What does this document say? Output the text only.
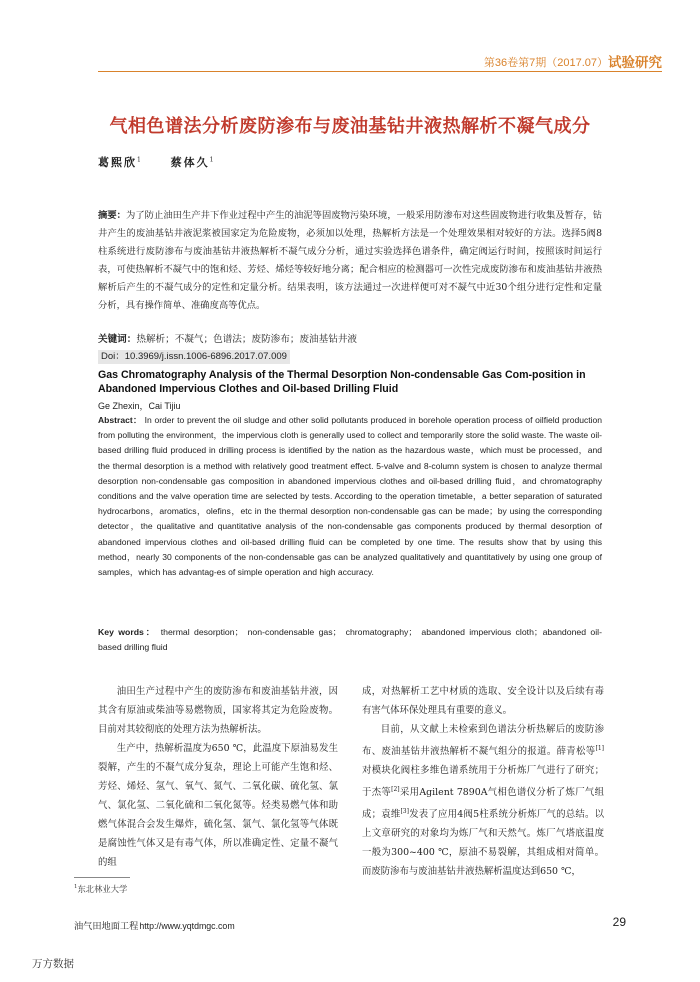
第36卷第7期（2017.07） 试验研究
气相色谱法分析废防渗布与废油基钻井液热解析不凝气成分
葛熙欣$^1$	蔡体久$^1$
摘要：为了防止油田生产井下作业过程中产生的油泥等固废物污染环境，一般采用防渗布对这些固废物进行收集及暂存，钻井产生的废油基钻井液泥浆被国家定为危险废物，必须加以处理，热解析方法是一个处理效果相对较好的方法。选择5阀8柱系统进行废防渗布与废油基钻井液热解析不凝气成分分析，通过实验选择色谱条件，确定阀运行时间，按照该时间运行表，可使热解析不凝气中的饱和烃、芳烃、烯烃等较好地分离；配合相应的检测器可一次性完成废防渗布和废油基钻井液热解析后产生的不凝气成分的定性和定量分析。结果表明，该方法通过一次进样便可对不凝气中近30个组分进行定性和定量分析，具有操作简单、准确度高等优点。
关键词：热解析；不凝气；色谱法；废防渗布；废油基钻井液
Doi：10.3969/j.issn.1006-6896.2017.07.009
Gas Chromatography Analysis of the Thermal Desorption Non-condensable Gas Com-position in Abandoned Impervious Clothes and Oil-based Drilling Fluid
Ge Zhexin，Cai Tijiu
Abstract： In order to prevent the oil sludge and other solid pollutants produced in borehole operation process of oilfield production from polluting the environment，the impervious cloth is generally used to collect and temporarily store the solid waste. The waste oil-based drilling fluid produced in drilling process is identified by the nation as the hazardous waste，which must be processed，and the thermal desorption is a method with relatively good treatment effect. 5-valve and 8-column system is chosen to analyze thermal desorption non-condensable gas composition in abandoned impervious clothes and oil-based drilling fluid，and chromatography conditions and the valve operation time are selected by tests. According to the operation timetable，a better separation of saturated hydrocarbons，aromatics，olefins，etc in the thermal desorption non-condensable gas can be made；by using the corresponding detector，the qualitative and quantitative analysis of the non-condensable gas components produced by thermal desorption of abandoned impervious clothes and oil-based drilling fluid can be completed by one time. The results show that by using this method，nearly 30 components of the non-condensable gas can be analyzed qualitatively and quantitatively by using one group of samples，which has advantag-es of simple operation and high accuracy.
Key words： thermal desorption； non-condensable gas； chromatography； abandoned impervious cloth；abandoned oil-based drilling fluid

油田生产过程中产生的废防渗布和废油基钻井液，因其含有原油或柴油等易燃物质，国家将其定为危险废物。目前对其较彻底的处理方法为热解析法。

生产中，热解析温度为650 ℃，此温度下原油易发生裂解，产生的不凝气成分复杂，理论上可能产生饱和烃、芳烃、烯烃、氢气、氧气、氮气、二氧化碳、硫化氢、氯气、氯化氢、二氧化硫和二氧化氮等。烃类易燃气体和助燃气体混合会发生爆炸，硫化氢、氯气、氯化氢等气体既是腐蚀性气体又是有毒气体，所以准确定性、定量不凝气的组

成，对热解析工艺中材质的选取、安全设计以及后续有毒有害气体环保处理具有重要的意义。

目前，从文献上未检索到色谱法分析热解后的废防渗布、废油基钻井液热解析不凝气组分的报道。薛青松等[1]对模块化阀柱多维色谱系统用于分析炼厂气进行了研究；于杰等[2]采用Agilent 7890A气相色谱仪分析了炼厂气组成；袁维[3]发表了应用4阀5柱系统分析炼厂气的总结。以上文章研究的对象均为炼厂气和天然气。炼厂气塔底温度一般为300~400 ℃，原油不易裂解，其组成相对简单。而废防渗布与废油基钻井液热解析温度达到650 ℃，

$^1$东北林业大学
油气田地面工程http://www.yqtdmgc.com	29
万方数据
